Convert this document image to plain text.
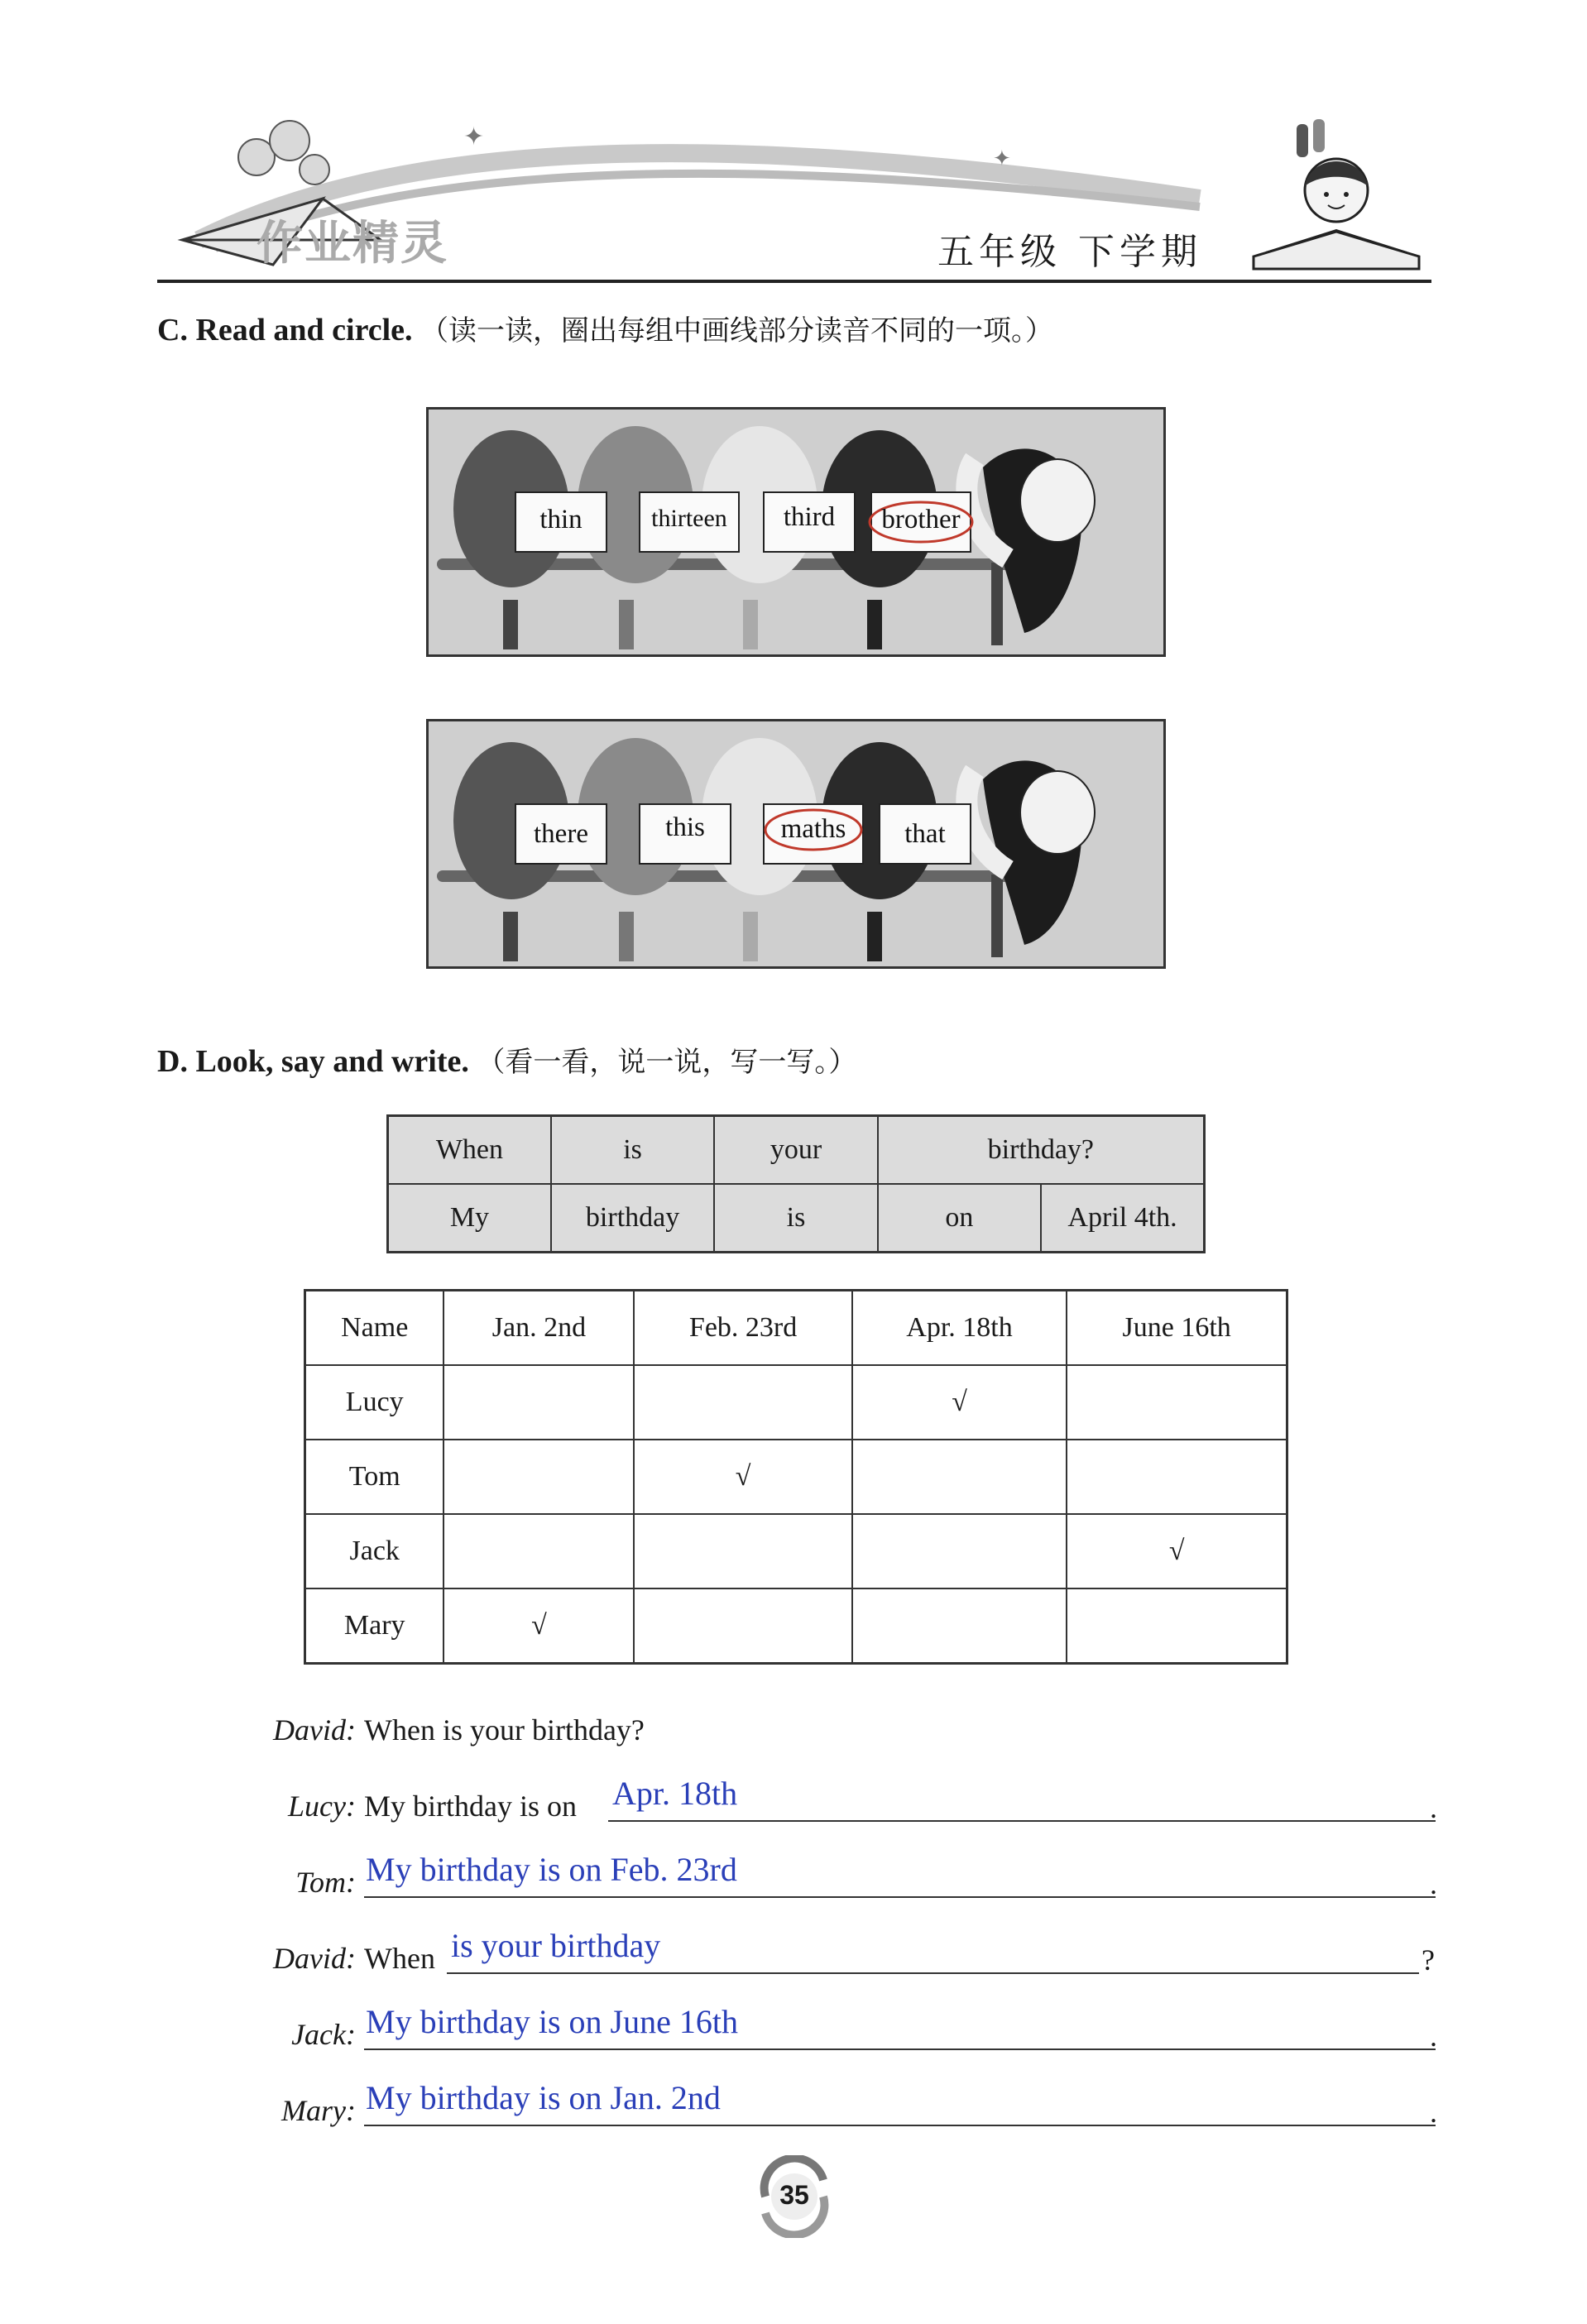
✦
✦
作业精灵	五年级 下学期
C. Read and circle. （读一读，圈出每组中画线部分读音不同的一项。）
thin	thirteen	third	brother
there	this	maths	that
D. Look, say and write. （看一看，说一说，写一写。）
When	is	your	birthday?	
My	birthday	is	on	April 4th.
Name	Jan. 2nd	Feb. 23rd	Apr. 18th	June 16th
Lucy			√	
Tom		√		
Jack				√
Mary	√			
David: When is your birthday?
Lucy: My birthday is on Apr. 18th	.
Tom: My birthday is on Feb. 23rd	.
David: When is your birthday	?
Jack: My birthday is on June 16th	.
Mary: My birthday is on Jan. 2nd	.
35
